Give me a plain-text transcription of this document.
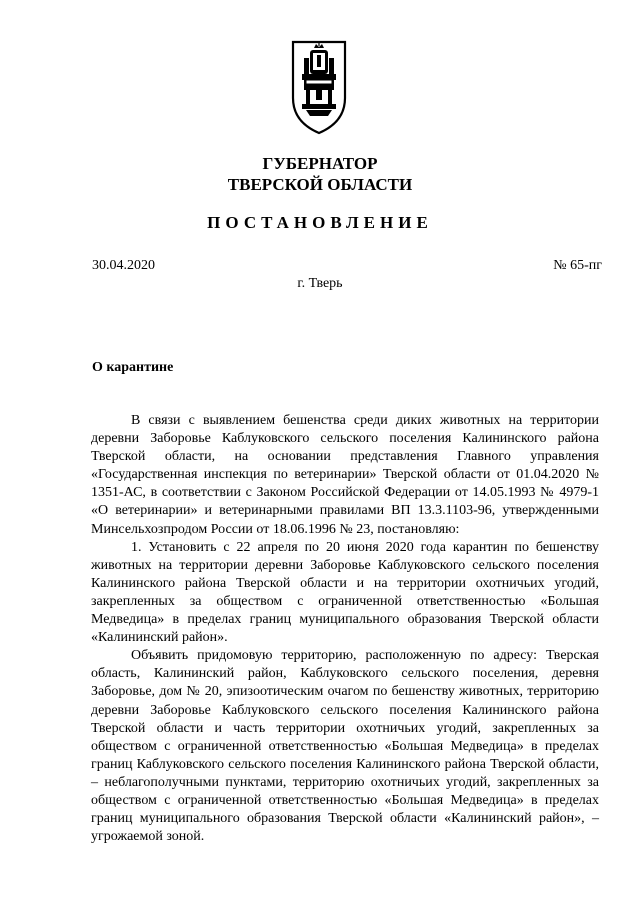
ГУБЕРНАТОР
ТВЕРСКОЙ ОБЛАСТИ
ПОСТАНОВЛЕНИЕ
30.04.2020	№ 65-пг
г. Тверь
О карантине

В связи с выявлением бешенства среди диких животных на территории деревни Заборовье Каблуковского сельского поселения Калининского района Тверской области, на основании представления Главного управления «Государственная инспекция по ветеринарии» Тверской области от 01.04.2020 № 1351-АС, в соответствии с Законом Российской Федерации от 14.05.1993 № 4979-1 «О ветеринарии» и ветеринарными правилами ВП 13.3.1103-96, утвержденными Минсельхозпродом России от 18.06.1996 № 23, постановляю:

1. Установить с 22 апреля по 20 июня 2020 года карантин по бешенству животных на территории деревни Заборовье Каблуковского сельского поселения Калининского района Тверской области и на территории охотничьих угодий, закрепленных за обществом с ограниченной ответственностью «Большая Медведица» в пределах границ муниципального образования Тверской области «Калининский район».

Объявить придомовую территорию, расположенную по адресу: Тверская область, Калининский район, Каблуковского сельского поселения, деревня Заборовье, дом № 20, эпизоотическим очагом по бешенству животных, территорию деревни Заборовье Каблуковского сельского поселения Калининского района Тверской области и часть территории охотничьих угодий, закрепленных за обществом с ограниченной ответственностью «Большая Медведица» в пределах границ Каблуковского сельского поселения Калининского района Тверской области, – неблагополучными пунктами, территорию охотничьих угодий, закрепленных за обществом с ограниченной ответственностью «Большая Медведица» в пределах границ муниципального образования Тверской области «Калининский район», – угрожаемой зоной.
